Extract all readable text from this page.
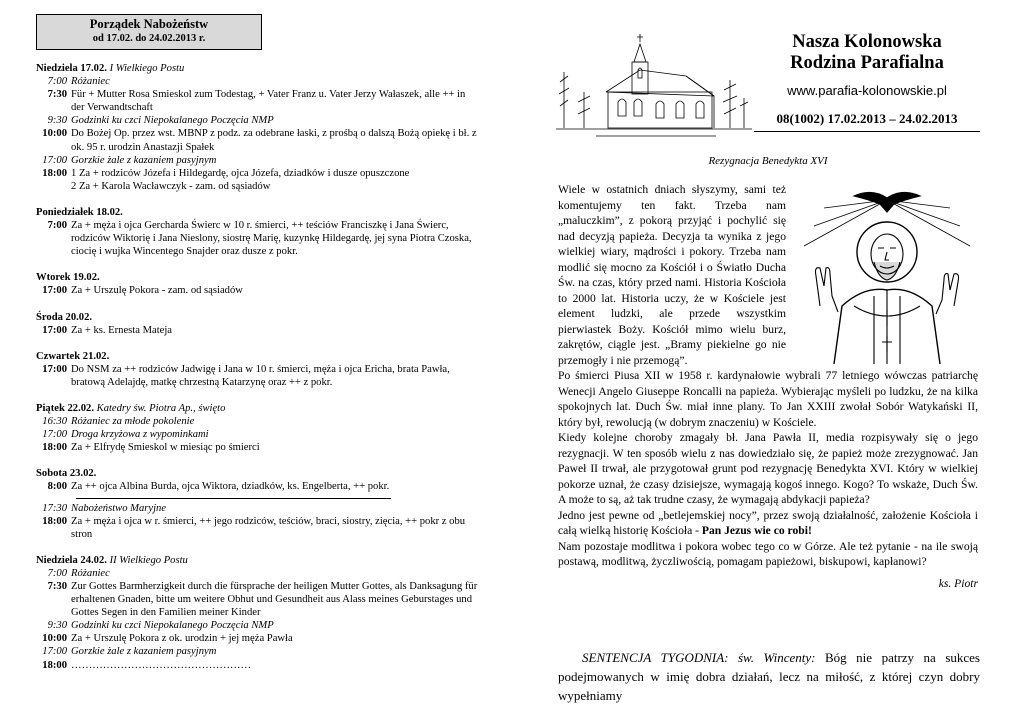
Porządek Nabożeństw
od 17.02. do 24.02.2013 r.
Niedziela 17.02. I Wielkiego Postu
7:00 Różaniec
7:30 Für + Mutter Rosa Smieskol zum Todestag, + Vater Franz u. Vater Jerzy Wałaszek, alle ++ in der Verwandtschaft
9:30 Godzinki ku czci Niepokalanego Poczęcia NMP
10:00 Do Bożej Op. przez wst. MBNP z podz. za odebrane łaski, z prośbą o dalszą Bożą opiekę i bł. z ok. 95 r. urodzin Anastazji Spałek
17:00 Gorzkie żale z kazaniem pasyjnym
18:00 1 Za + rodziców Józefa i Hildegardę, ojca Józefa, dziadków i dusze opuszczone
2 Za + Karola Wacławczyk - zam. od sąsiadów
Poniedziałek 18.02.
7:00 Za + męża i ojca Gercharda Świerc w 10 r. śmierci, ++ teściów Franciszkę i Jana Świerc, rodziców Wiktorię i Jana Nieslony, siostrę Marię, kuzynkę Hildegardę, jej syna Piotra Czoska, ciocię i wujka Wincentego Snajder oraz dusze z pokr.
Wtorek 19.02.
17:00 Za + Urszulę Pokora - zam. od sąsiadów
Środa 20.02.
17:00 Za + ks. Ernesta Mateja
Czwartek 21.02.
17:00 Do NSM za ++ rodziców Jadwigę i Jana w 10 r. śmierci, męża i ojca Ericha, brata Pawła, bratową Adelajdę, matkę chrzestną Katarzynę oraz ++ z pokr.
Piątek 22.02. Katedry św. Piotra Ap., święto
16:30 Różaniec za młode pokolenie
17:00 Droga krzyżowa z wypominkami
18:00 Za + Elfrydę Smieskol w miesiąc po śmierci
Sobota 23.02.
8:00 Za ++ ojca Albina Burda, ojca Wiktora, dziadków, ks. Engelberta, ++ pokr.
17:30 Nabożeństwo Maryjne
18:00 Za + męża i ojca w r. śmierci, ++ jego rodziców, teściów, braci, siostry, zięcia, ++ pokr z obu stron
Niedziela 24.02. II Wielkiego Postu
7:00 Różaniec
7:30 Zur Gottes Barmherzigkeit durch die fürsprache der heiligen Mutter Gottes, als Danksagung für erhaltenen Gnaden, bitte um weitere Obhut und Gesundheit aus Alass meines Geburstages und Gottes Segen in den Familien meiner Kinder
9:30 Godzinki ku czci Niepokalanego Poczęcia NMP
10:00 Za + Urszulę Pokora z ok. urodzin + jej męża Pawła
17:00 Gorzkie żale z kazaniem pasyjnym
18:00 ……………………………………………
Nasza Kolonowska
Rodzina Parafialna
www.parafia-kolonowskie.pl
08(1002) 17.02.2013 – 24.02.2013
Rezygnacja Benedykta XVI
Wiele w ostatnich dniach słyszymy, sami też komentujemy ten fakt. Trzeba nam „maluczkim”, z pokorą przyjąć i pochylić się nad decyzją papieża. Decyzja ta wynika z jego wielkiej wiary, mądrości i pokory. Trzeba nam modlić się mocno za Kościół i o Światło Ducha Św. na czas, który przed nami. Historia Kościoła to 2000 lat. Historia uczy, że w Kościele jest element ludzki, ale przede wszystkim pierwiastek Boży. Kościół mimo wielu burz, zakrętów, ciągle jest. „Bramy piekielne go nie przemogły i nie przemogą”.
Po śmierci Piusa XII w 1958 r. kardynałowie wybrali 77 letniego wówczas patriarchę Wenecji Angelo Giuseppe Roncalli na papieża. Wybierając myśleli po ludzku, że na kilka spokojnych lat. Duch Św. miał inne plany. To Jan XXIII zwołał Sobór Watykański II, który był, rewolucją (w dobrym znaczeniu) w Kościele.
Kiedy kolejne choroby zmagały bł. Jana Pawła II, media rozpisywały się o jego rezygnacji. W ten sposób wielu z nas dowiedziało się, że papież może zrezygnować. Jan Paweł II trwał, ale przygotował grunt pod rezygnację Benedykta XVI. Który w wielkiej pokorze uznał, że czasy dzisiejsze, wymagają kogoś innego. Kogo? To wskaże, Duch Św. A może to są, aż tak trudne czasy, że wymagają abdykacji papieża?
Jedno jest pewne od „betlejemskiej nocy”, przez swoją działalność, założenie Kościoła i całą wielką historię Kościoła - Pan Jezus wie co robi!
Nam pozostaje modlitwa i pokora wobec tego co w Górze. Ale też pytanie - na ile swoją postawą, modlitwą, życzliwością, pomagam papieżowi, biskupowi, kapłanowi?
ks. Piotr
SENTENCJA TYGODNIA: św. Wincenty: Bóg nie patrzy na sukces podejmowanych w imię dobra działań, lecz na miłość, z której czyn dobry wypełniamy
